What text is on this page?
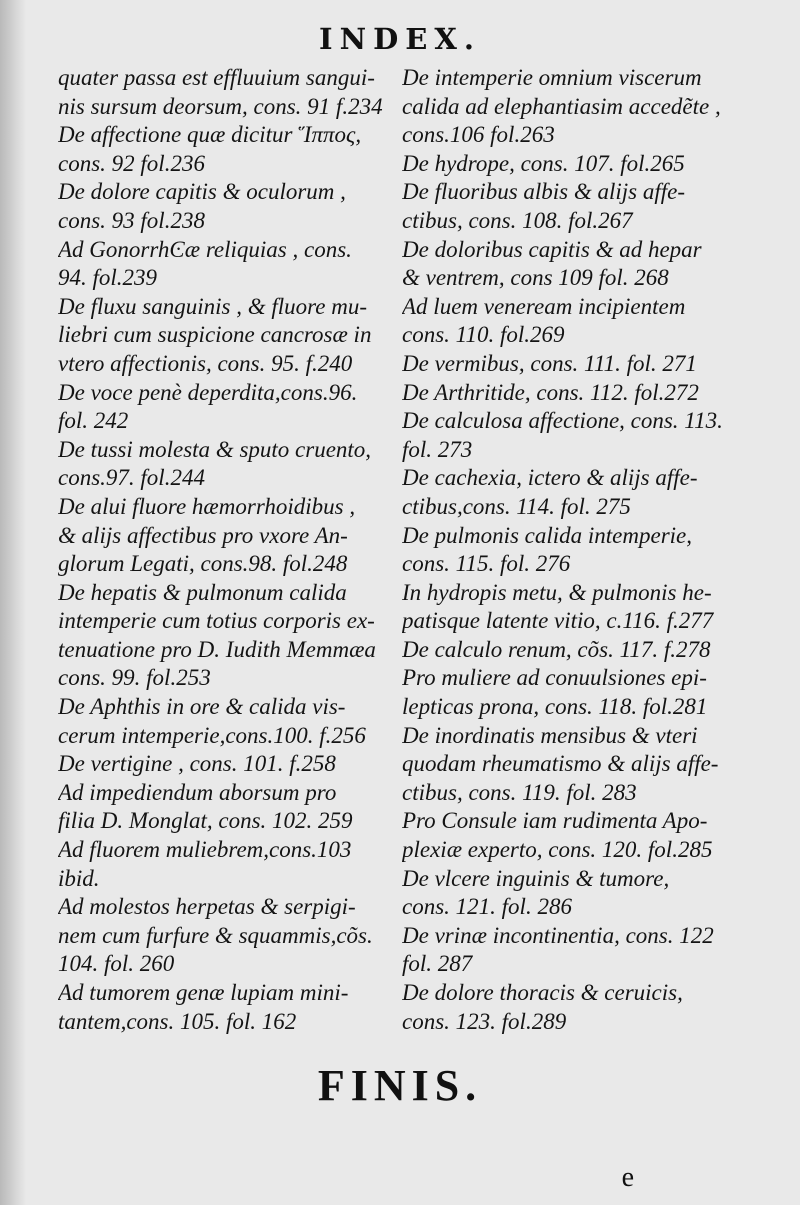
INDEX.
quater passa est effluuium sangui-
nis sursum deorsum, cons. 91 f.234
De affectione quæ dicitur Ἵππος,
cons. 92 fol.236
De dolore capitis & oculorum ,
cons. 93 fol.238
Ad GonorrhϾæ reliquias , cons.
94. fol.239
De fluxu sanguinis , & fluore mu-
liebri cum suspicione cancrosæ in
vtero affectionis, cons. 95. f.240
De voce penè deperdita,cons.96.
fol. 242
De tussi molesta & sputo cruento,
cons.97. fol.244
De alui fluore hæmorrhoidibus ,
& alijs affectibus pro vxore An-
glorum Legati, cons.98. fol.248
De hepatis & pulmonum calida
intemperie cum totius corporis ex-
tenuatione pro D. Iudith Memmæa
cons. 99. fol.253
De Aphthis in ore & calida vis-
cerum intemperie,cons.100. f.256
De vertigine , cons. 101. f.258
Ad impediendum aborsum pro
filia D. Monglat, cons. 102. 259
Ad fluorem muliebrem,cons.103
ibid.
Ad molestos herpetas & serpigi-
nem cum furfure & squammis,cõs.
104. fol. 260
Ad tumorem genæ lupiam mini-
tantem,cons. 105. fol. 162
De intemperie omnium viscerum
calida ad elephantiasim accedẽte ,
cons.106 fol.263
De hydrope, cons. 107. fol.265
De fluoribus albis & alijs affe-
ctibus, cons. 108. fol.267
De doloribus capitis & ad hepar
& ventrem, cons 109 fol. 268
Ad luem veneream incipientem
cons. 110. fol.269
De vermibus, cons. 111. fol. 271
De Arthritide, cons. 112. fol.272
De calculosa affectione, cons. 113.
fol. 273
De cachexia, ictero & alijs affe-
ctibus,cons. 114. fol. 275
De pulmonis calida intemperie,
cons. 115. fol. 276
In hydropis metu, & pulmonis he-
patisque latente vitio, c.116. f.277
De calculo renum, cõs. 117. f.278
Pro muliere ad conuulsiones epi-
lepticas prona, cons. 118. fol.281
De inordinatis mensibus & vteri
quodam rheumatismo & alijs affe-
ctibus, cons. 119. fol. 283
Pro Consule iam rudimenta Apo-
plexiæ experto, cons. 120. fol.285
De vlcere inguinis & tumore,
cons. 121. fol. 286
De vrinæ incontinentia, cons. 122
fol. 287
De dolore thoracis & ceruicis,
cons. 123. fol.289
FINIS.
e
